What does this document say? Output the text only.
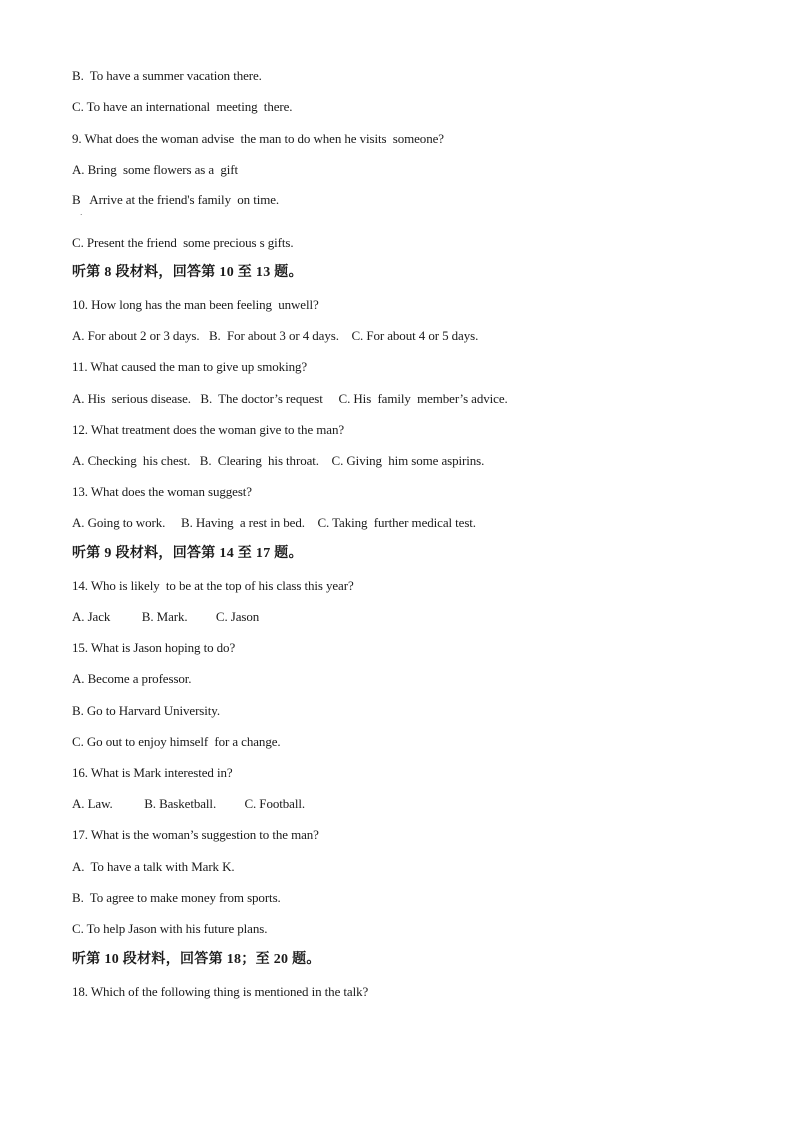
B.  To have a summer vacation there.
C. To have an international  meeting  there.
9. What does the woman advise  the man to do when he visits  someone?
A. Bring  some flowers as a  gift
B   Arrive at the friend's family  on time.
·
C. Present the friend  some precious s gifts.
听第 8 段材料，回答第 10 至 13 题。
10. How long has the man been feeling  unwell?
A. For about 2 or 3 days.   B.  For about 3 or 4 days.    C. For about 4 or 5 days.
11. What caused the man to give up smoking?
A. His  serious disease.   B.  The doctor’s request     C. His  family  member’s advice.
12. What treatment does the woman give to the man?
A. Checking  his chest.   B.  Clearing  his throat.    C. Giving  him some aspirins.
13. What does the woman suggest?
A. Going to work.     B. Having  a rest in bed.    C. Taking  further medical test.
听第 9 段材料，回答第 14 至 17 题。
14. Who is likely  to be at the top of his class this year?
A. Jack          B. Mark.         C. Jason
15. What is Jason hoping to do?
A. Become a professor.
B. Go to Harvard University.
C. Go out to enjoy himself  for a change.
16. What is Mark interested in?
A. Law.          B. Basketball.         C. Football.
17. What is the woman’s suggestion to the man?
A.  To have a talk with Mark K.
B.  To agree to make money from sports.
C. To help Jason with his future plans.
听第 10 段材料，回答第 18；至 20 题。
18. Which of the following thing is mentioned in the talk?
